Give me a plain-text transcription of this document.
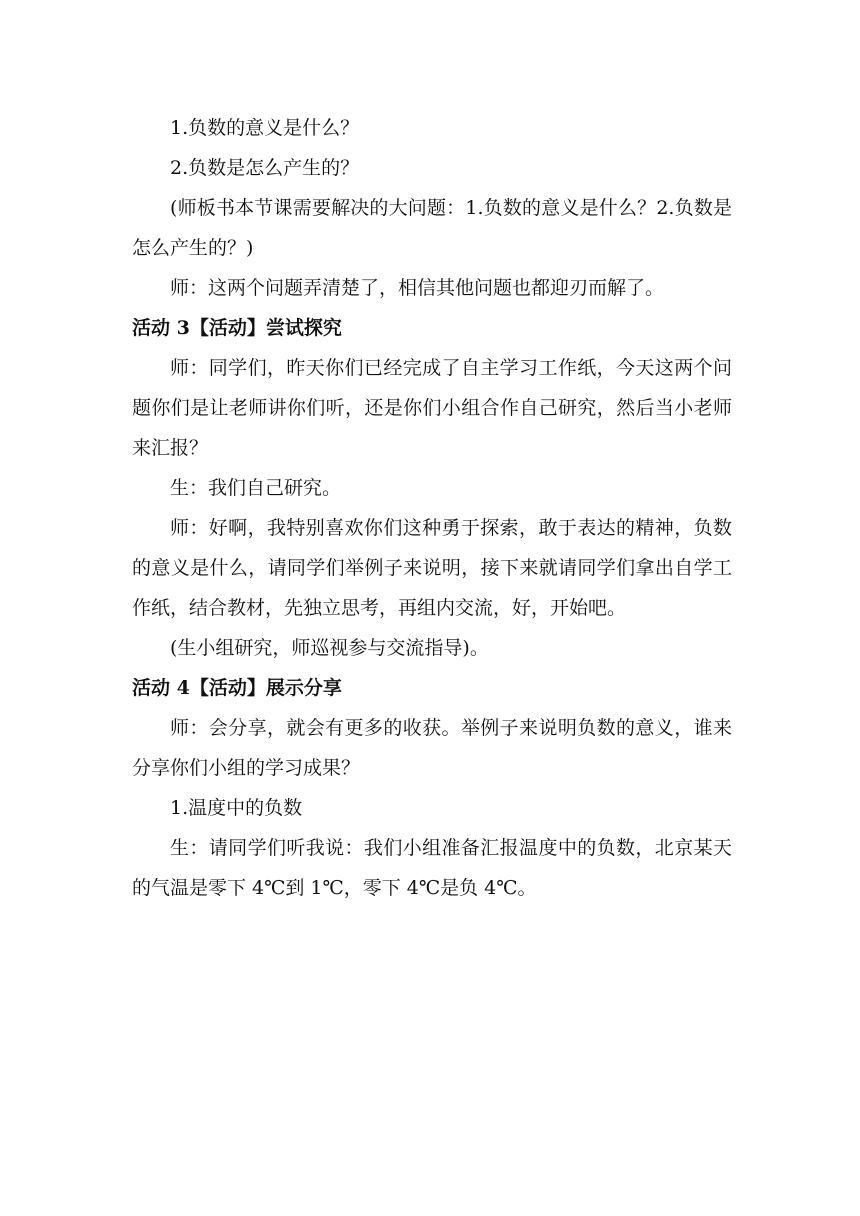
1.负数的意义是什么？

2.负数是怎么产生的？

(师板书本节课需要解决的大问题：1.负数的意义是什么？2.负数是怎么产生的？)

师：这两个问题弄清楚了，相信其他问题也都迎刃而解了。

活动 3【活动】尝试探究

师：同学们，昨天你们已经完成了自主学习工作纸，今天这两个问题你们是让老师讲你们听，还是你们小组合作自己研究，然后当小老师来汇报？

生：我们自己研究。

师：好啊，我特别喜欢你们这种勇于探索，敢于表达的精神，负数的意义是什么，请同学们举例子来说明，接下来就请同学们拿出自学工作纸，结合教材，先独立思考，再组内交流，好，开始吧。

(生小组研究，师巡视参与交流指导)。

活动 4【活动】展示分享

师：会分享，就会有更多的收获。举例子来说明负数的意义，谁来分享你们小组的学习成果？

1.温度中的负数

生：请同学们听我说：我们小组准备汇报温度中的负数，北京某天的气温是零下 4℃到 1℃，零下 4℃是负 4℃。
